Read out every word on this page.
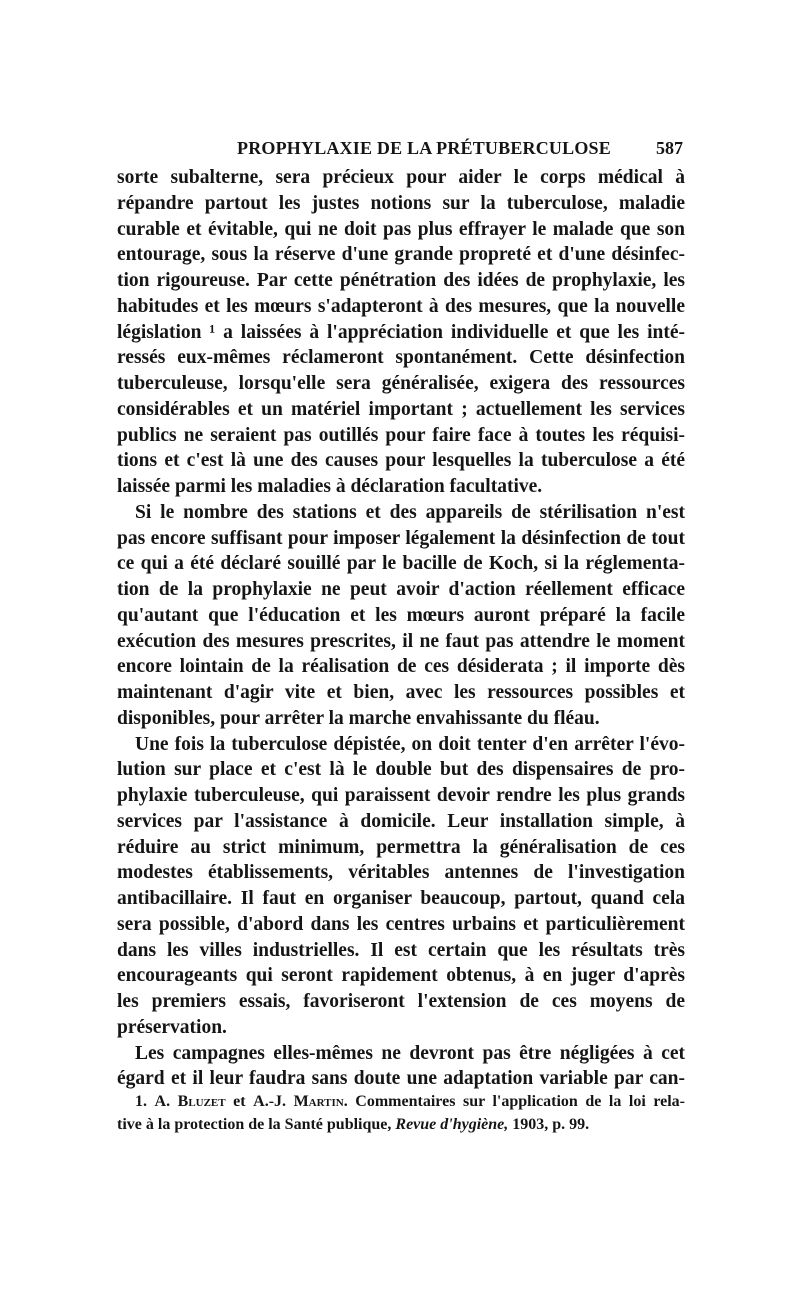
PROPHYLAXIE DE LA PRÉTUBERCULOSE	587
sorte subalterne, sera précieux pour aider le corps médical à
répandre partout les justes notions sur la tuberculose, maladie
curable et évitable, qui ne doit pas plus effrayer le malade que son
entourage, sous la réserve d'une grande propreté et d'une désinfec-
tion rigoureuse. Par cette pénétration des idées de prophylaxie, les
habitudes et les mœurs s'adapteront à des mesures, que la nouvelle
législation ¹ a laissées à l'appréciation individuelle et que les inté-
ressés eux-mêmes réclameront spontanément. Cette désinfection
tuberculeuse, lorsqu'elle sera généralisée, exigera des ressources
considérables et un matériel important ; actuellement les services
publics ne seraient pas outillés pour faire face à toutes les réquisi-
tions et c'est là une des causes pour lesquelles la tuberculose a été
laissée parmi les maladies à déclaration facultative.
Si le nombre des stations et des appareils de stérilisation n'est
pas encore suffisant pour imposer légalement la désinfection de tout
ce qui a été déclaré souillé par le bacille de Koch, si la réglementa-
tion de la prophylaxie ne peut avoir d'action réellement efficace
qu'autant que l'éducation et les mœurs auront préparé la facile
exécution des mesures prescrites, il ne faut pas attendre le moment
encore lointain de la réalisation de ces désiderata ; il importe dès
maintenant d'agir vite et bien, avec les ressources possibles et
disponibles, pour arrêter la marche envahissante du fléau.
Une fois la tuberculose dépistée, on doit tenter d'en arrêter l'évo-
lution sur place et c'est là le double but des dispensaires de pro-
phylaxie tuberculeuse, qui paraissent devoir rendre les plus grands
services par l'assistance à domicile. Leur installation simple, à
réduire au strict minimum, permettra la généralisation de ces
modestes établissements, véritables antennes de l'investigation
antibacillaire. Il faut en organiser beaucoup, partout, quand cela
sera possible, d'abord dans les centres urbains et particulièrement
dans les villes industrielles. Il est certain que les résultats très
encourageants qui seront rapidement obtenus, à en juger d'après
les premiers essais, favoriseront l'extension de ces moyens de
préservation.
Les campagnes elles-mêmes ne devront pas être négligées à cet
égard et il leur faudra sans doute une adaptation variable par can-
1. A. Bluzet et A.-J. Martin. Commentaires sur l'application de la loi rela-
tive à la protection de la Santé publique, Revue d'hygiène, 1903, p. 99.
